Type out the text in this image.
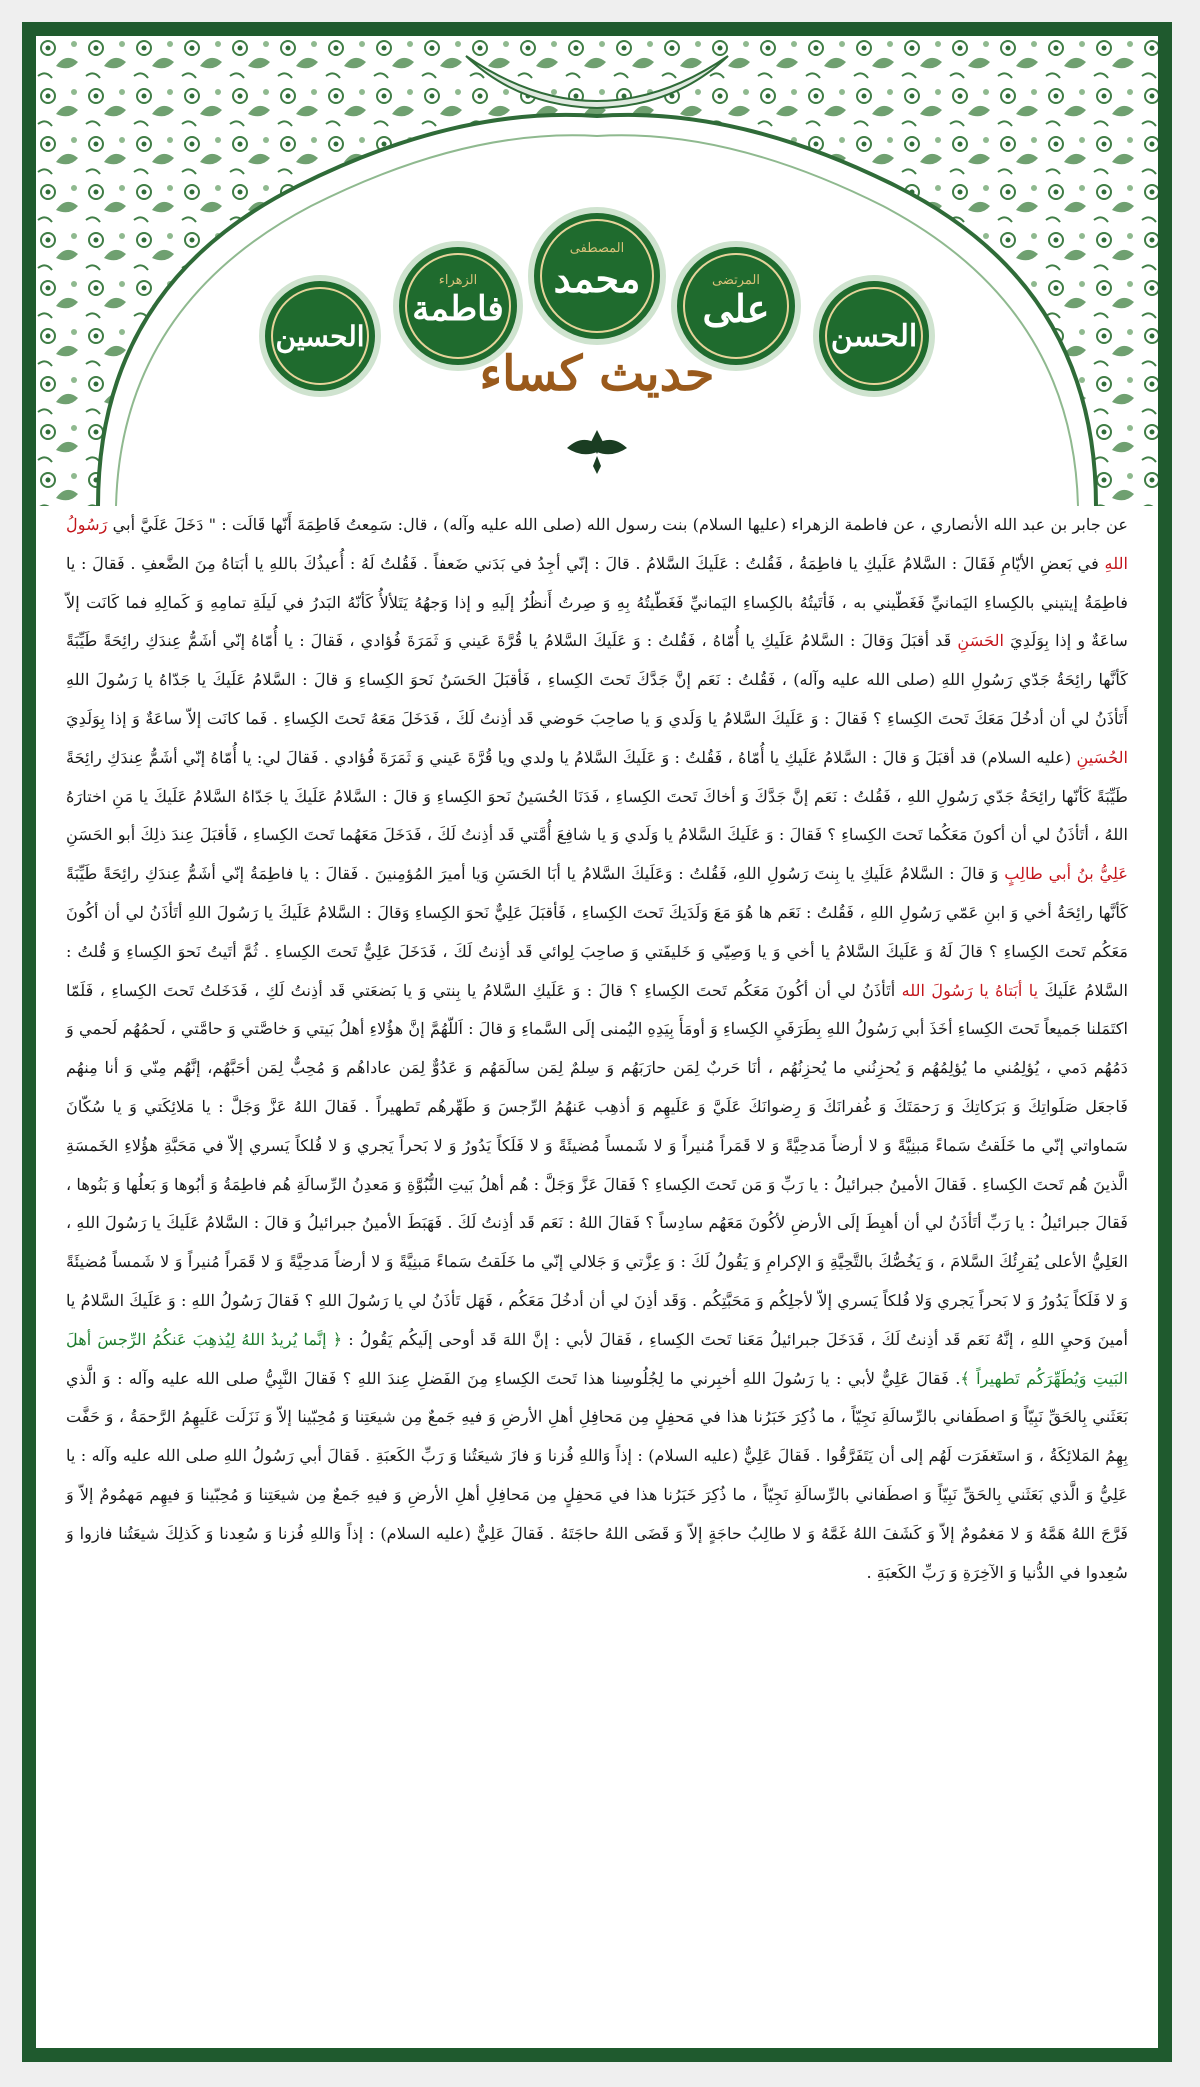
الحسن
المرتضی
علی
المصطفی
محمد
الزهراء
فاطمة
الحسین
حدیث کساء

عن جابر بن عبد الله الأنصاري ، عن فاطمة الزهراء (عليها السلام) بنت رسول الله (صلى الله عليه وآله) ، قال: سَمِعتُ فَاطِمَةَ أَنّها قَالَت : " دَخَلَ عَلَيَّ أبي رَسُولُ اللهِ في بَعضِ الأيّامِ فَقَالَ : السَّلامُ عَلَيكِ يا فاطِمَةُ ، فَقُلتُ : عَلَيكَ السَّلامُ . قالَ : إنّي أجِدُ في بَدَني ضَعفاً . فَقُلتُ لَهُ : أُعيذُكَ باللهِ يا أبَتاهُ مِنَ الضَّعفِ . فَقالَ : يا فاطِمَةُ إيتيني بالكِساءِ اليَمانيِّ فَغَطّيني به ، فَأتَيتُهُ بالكِساءِ اليَمانيِّ فَغَطّيتُهُ بِهِ وَ صِرتُ أَنظُرُ إلَيهِ و إذا وَجهُهُ يَتَلألأُ كَأنّهُ البَدرُ في لَيلَةِ تمامِهِ وَ كَمالِهِ فما كَانَت إلاّ ساعَةٌ و إذا بِوَلَدِيَ الحَسَنِ قَد أقبَلَ وَقالَ : السَّلامُ عَلَيكِ يا أُمّاهُ ، فَقُلتُ : وَ عَلَيكَ السَّلامُ يا قُرَّةَ عَيني وَ ثَمَرَةَ فُؤادي ، فَقالَ : يا أُمّاهُ إنّي أشَمُّ عِندَكِ رائِحَةً طَيِّبَةً كَأنَّها رائِحَةُ جَدّي رَسُولِ اللهِ (صلى الله عليه وآله) ، فَقُلتُ : نَعَم إنَّ جَدَّكَ تَحتَ الكِساءِ ، فَأقبَلَ الحَسَنُ نَحوَ الكِساءِ وَ قالَ : السَّلامُ عَلَيكَ يا جَدّاهُ يا رَسُولَ اللهِ أَتَأذَنُ لي أن أدخُلَ مَعَكَ تَحتَ الكِساءِ ؟ فَقالَ : وَ عَلَيكَ السَّلامُ يا وَلَدي وَ يا صاحِبَ حَوضي قَد أذِنتُ لَكَ ، فَدَخَلَ مَعَهُ تَحتَ الكِساءِ . فَما كانَت إلاّ ساعَةٌ وَ إذا بِوَلَدِيَ الحُسَينِ (عليه السلام) قد أقبَلَ وَ قالَ : السَّلامُ عَلَيكِ يا أُمّاهُ ، فَقُلتُ : وَ عَلَيكَ السَّلامُ يا ولدي ويا قُرَّةَ عَيني وَ ثَمَرَةَ فُؤادي . فَقالَ لي: يا أُمّاهُ إنّي أشَمُّ عِندَكِ رائِحَةً طَيِّبَةً كَأنّها رائِحَةُ جَدّي رَسُولِ اللهِ ، فَقُلتُ : نَعَم إنَّ جَدَّكَ وَ أخاكَ تَحتَ الكِساءِ ، فَدَنَا الحُسَينُ نَحوَ الكِساءِ وَ قالَ : السَّلامُ عَلَيكَ يا جَدّاهُ السَّلامُ عَلَيكَ يا مَنِ اختارَهُ اللهُ ، أتَأذَنُ لي أن أكونَ مَعَكُما تَحتَ الكِساءِ ؟ فَقالَ : وَ عَلَيكَ السَّلامُ يا وَلَدي وَ يا شافِعَ أُمَّتي قَد أذِنتُ لَكَ ، فَدَخَلَ مَعَهُما تَحتَ الكِساءِ ، فَأقبَلَ عِندَ ذلِكَ أبو الحَسَنِ عَلِيُّ بنُ أبي طالِبٍ وَ قالَ : السَّلامُ عَلَيكِ يا بِنتَ رَسُولِ اللهِ، فَقُلتُ : وَعَلَيكَ السَّلامُ يا أبَا الحَسَنِ وَيا أميرَ المُؤمِنينَ . فَقالَ : يا فاطِمَةُ إنّي أشَمُّ عِندَكِ رائِحَةً طَيِّبَةً كَأنَّها رائِحَةُ أخي وَ ابنِ عَمّي رَسُولِ اللهِ ، فَقُلتُ : نَعَم ها هُوَ مَعَ وَلَدَيكَ تَحتَ الكِساءِ ، فَأقبَلَ عَلِيٌّ نَحوَ الكِساءِ وَقالَ : السَّلامُ عَلَيكَ يا رَسُولَ اللهِ أتَأذَنُ لي أن أكُونَ مَعَكُم تَحتَ الكِساءِ ؟ قالَ لَهُ وَ عَلَيكَ السَّلامُ يا أخي وَ يا وَصِيّي وَ خَليفَتي وَ صاحِبَ لِوائي قَد أذِنتُ لَكَ ، فَدَخَلَ عَلِيٌّ تَحتَ الكِساءِ . ثُمَّ أتَيتُ نَحوَ الكِساءِ وَ قُلتُ : السَّلامُ عَلَيكَ يا أبَتاهُ يا رَسُولَ الله أتَأذَنُ لي أن أكُونَ مَعَكُم تَحتَ الكِساءِ ؟ قالَ : وَ عَلَيكِ السَّلامُ يا بِنتي وَ يا بَضعَتي قَد أذِنتُ لَكِ ، فَدَخَلتُ تَحتَ الكِساءِ ، فَلَمّا اكتَمَلنا جَميعاً تَحتَ الكِساءِ أخَذَ أبي رَسُولُ اللهِ بِطَرَفَيِ الكِساءِ وَ أومَأَ بِيَدِهِ اليُمنى إلَى السَّماءِ وَ قالَ : اَللّهُمَّ إنَّ هؤُلاءِ أهلُ بَيتي وَ خاصَّتي وَ حامَّتي ، لَحمُهُم لَحمي وَ دَمُهُم دَمي ، يُؤلِمُني ما يُؤلِمُهُم وَ يُحزِنُني ما يُحزِنُهُم ، أنَا حَربٌ لِمَن حارَبَهُم وَ سِلمٌ لِمَن سالَمَهُم وَ عَدُوٌّ لِمَن عاداهُم وَ مُحِبٌّ لِمَن أحَبَّهُم، إنَّهُم مِنّي وَ أنا مِنهُم فَاجعَل صَلَواتِكَ وَ بَرَكاتِكَ وَ رَحمَتَكَ وَ غُفرانَكَ وَ رِضوانَكَ عَلَيَّ وَ عَلَيهِم وَ أذهِب عَنهُمُ الرِّجسَ وَ طَهِّرهُم تَطهيراً . فَقالَ اللهُ عَزَّ وَجَلَّ : يا مَلائِكَتي وَ يا سُكّانَ سَماواتي إنّي ما خَلَقتُ سَماءً مَبنِيَّةً وَ لا أرضاً مَدحِيَّةً وَ لا قَمَراً مُنيراً وَ لا شَمساً مُضيئَةً وَ لا فَلَكاً يَدُورُ وَ لا بَحراً يَجري وَ لا فُلكاً يَسري إلاّ في مَحَبَّةِ هؤُلاءِ الخَمسَةِ الَّذينَ هُم تَحتَ الكِساءِ . فَقالَ الأمينُ جبرائيلُ : يا رَبِّ وَ مَن تَحتَ الكِساءِ ؟ فَقالَ عَزَّ وَجَلَّ : هُم أهلُ بَيتِ النُّبُوَّةِ وَ مَعدِنُ الرِّسالَةِ هُم فاطِمَةُ وَ أبُوها وَ بَعلُها وَ بَنُوها ، فَقالَ جبرائيلُ : يا رَبِّ أتَأذَنُ لي أن أهبِطَ إلَى الأرضِ لأكُونَ مَعَهُم سادِساً ؟ فَقالَ اللهُ : نَعَم قَد أذِنتُ لَكَ . فَهَبَطَ الأمينُ جبرائيلُ وَ قالَ : السَّلامُ عَلَيكَ يا رَسُولَ اللهِ ، العَلِيُّ الأعلى يُقرِئُكَ السَّلامَ ، وَ يَخُصُّكَ بالتَّحِيَّةِ وَ الإكرامِ وَ يَقُولُ لَكَ : وَ عِزَّتي وَ جَلالي إنّي ما خَلَقتُ سَماءً مَبنِيَّةً وَ لا أرضاً مَدحِيَّةً وَ لا قَمَراً مُنيراً وَ لا شَمساً مُضيئَةً وَ لا فَلَكاً يَدُورُ وَ لا بَحراً يَجري وَلا فُلكاً يَسري إلاّ لأجلِكُم وَ مَحَبَّتِكُم . وَقَد أذِنَ لي أن أدخُلَ مَعَكُم ، فَهَل تَأذَنُ لي يا رَسُولَ اللهِ ؟ فَقالَ رَسُولُ اللهِ : وَ عَلَيكَ السَّلامُ يا أمينَ وَحيِ اللهِ ، إنَّهُ نَعَم قَد أذِنتُ لَكَ ، فَدَخَلَ جبرائيلُ مَعَنا تَحتَ الكِساءِ ، فَقالَ لأبي : إنَّ اللهَ قَد أوحى إلَيكُم يَقُولُ : ﴿ إنَّما يُريدُ اللهُ لِيُذهِبَ عَنكُمُ الرِّجسَ أهلَ البَيتِ وَيُطَهِّرَكُم تَطهيراً ﴾. فَقالَ عَلِيٌّ لأبي : يا رَسُولَ اللهِ أخبِرني ما لِجُلُوسِنا هذا تَحتَ الكِساءِ مِنَ الفَضلِ عِندَ اللهِ ؟ فَقالَ النَّبِيُّ صلى الله عليه وآله : وَ الَّذي بَعَثَني بِالحَقِّ نَبِيّاً وَ اصطَفاني بالرِّسالَةِ نَجِيّاً ، ما ذُكِرَ خَبَرُنا هذا في مَحفِلٍ مِن مَحافِلِ أهلِ الأرضِ وَ فيهِ جَمعٌ مِن شيعَتِنا وَ مُحِبّينا إلاّ وَ نَزَلَت عَلَيهِمُ الرَّحمَةُ ، وَ حَفَّت بِهِمُ المَلائِكَةُ ، وَ استَغفَرَت لَهُم إلى أن يَتَفَرَّقُوا . فَقالَ عَلِيٌّ (عليه السلام) : إذاً وَاللهِ فُزنا وَ فازَ شيعَتُنا وَ رَبِّ الكَعبَةِ . فَقالَ أبي رَسُولُ اللهِ صلى الله عليه وآله : يا عَلِيُّ وَ الَّذي بَعَثَني بِالحَقِّ نَبِيّاً وَ اصطَفاني بالرِّسالَةِ نَجِيّاً ، ما ذُكِرَ خَبَرُنا هذا في مَحفِلٍ مِن مَحافِلِ أهلِ الأرضِ وَ فيهِ جَمعٌ مِن شيعَتِنا وَ مُحِبّينا وَ فيهِم مَهمُومٌ إلاّ وَ فَرَّجَ اللهُ هَمَّهُ وَ لا مَغمُومٌ إلاّ وَ كَشَفَ اللهُ غَمَّهُ وَ لا طالِبُ حاجَةٍ إلاّ وَ قَضَى اللهُ حاجَتَهُ . فَقالَ عَلِيٌّ (عليه السلام) : إذاً وَاللهِ فُزنا وَ سُعِدنا وَ كَذلِكَ شيعَتُنا فازوا وَ سُعِدوا في الدُّنيا وَ الآخِرَةِ وَ رَبِّ الكَعبَةِ .
